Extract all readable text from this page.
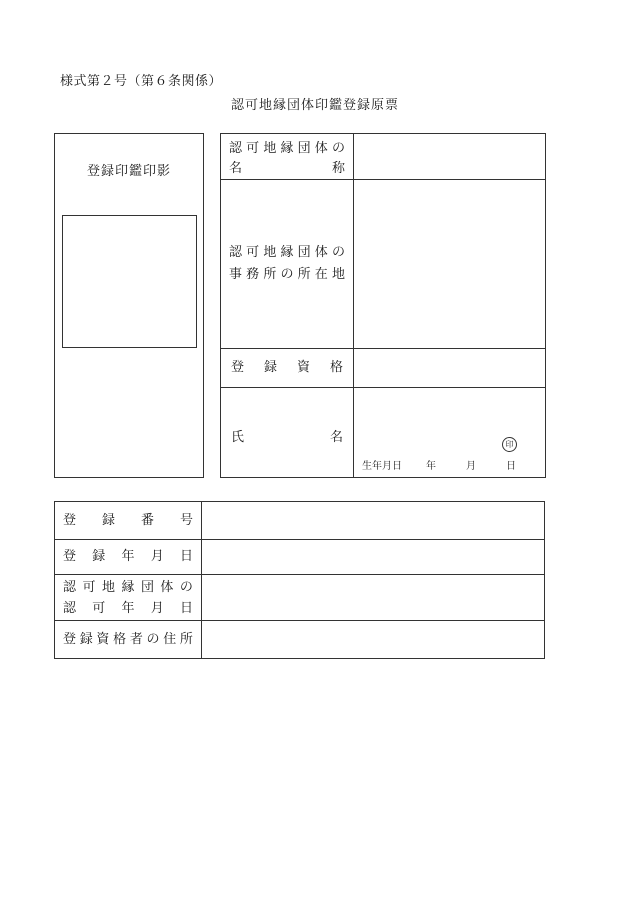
様式第２号（第６条関係）
認可地縁団体印鑑登録原票
登録印鑑印影
認 可 地 縁 団 体 の
名	称
認 可 地 縁 団 体 の
事 務 所 の 所 在 地
登 録 資 格
氏	名	印
生年月日 年	月	日
登 録 番 号
登 録 年 月 日
認 可 地 縁 団 体 の
認 可 年 月 日
登 録 資 格 者 の 住 所
